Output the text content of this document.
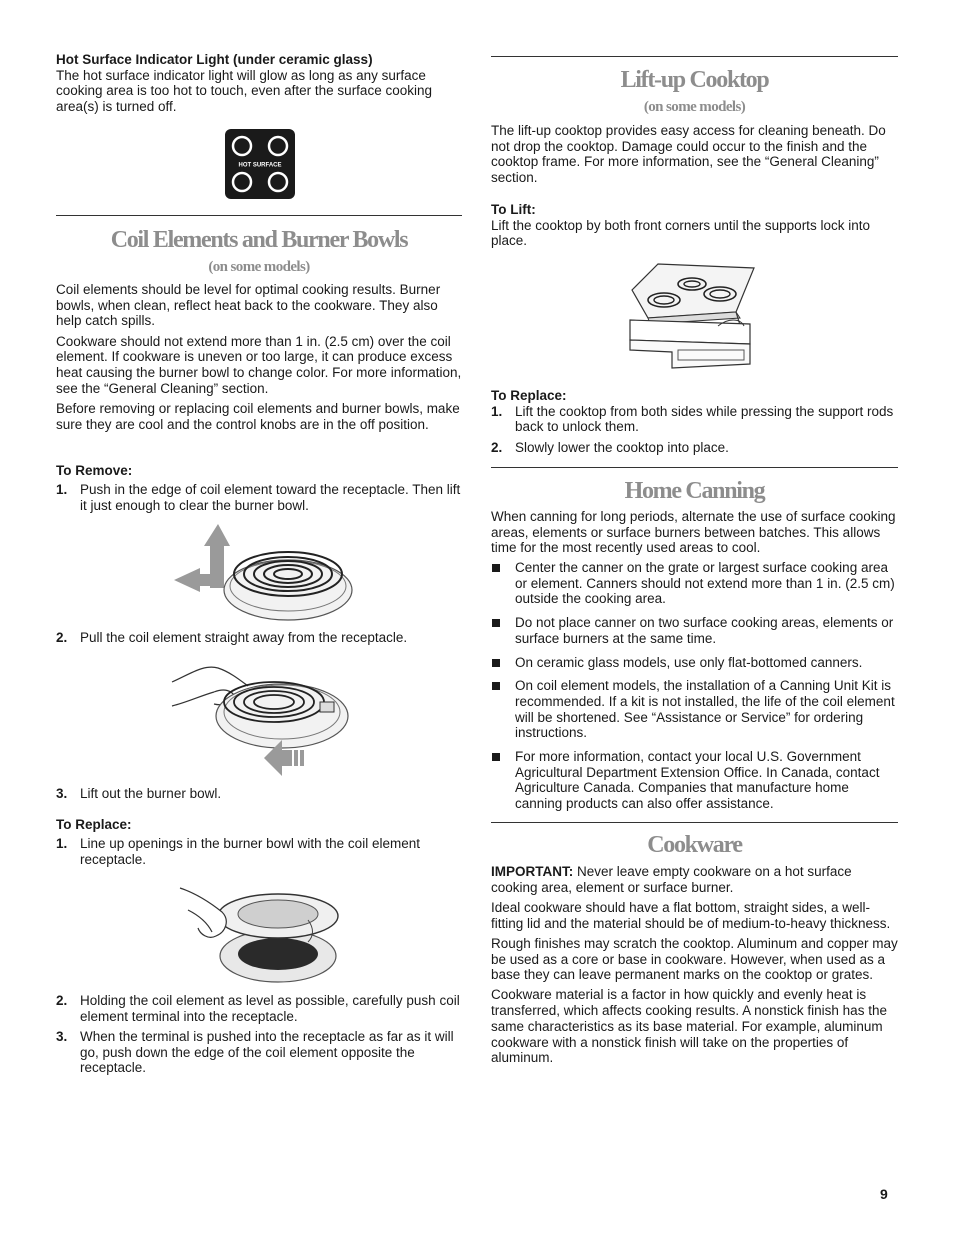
Hot Surface Indicator Light (under ceramic glass)

The hot surface indicator light will glow as long as any surface cooking area is too hot to touch, even after the surface cooking area(s) is turned off.

HOT SURFACE
Coil Elements and Burner Bowls
(on some models)

Coil elements should be level for optimal cooking results. Burner bowls, when clean, reflect heat back to the cookware. They also help catch spills.

Cookware should not extend more than 1 in. (2.5 cm) over the coil element. If cookware is uneven or too large, it can produce excess heat causing the burner bowl to change color. For more information, see the “General Cleaning” section.

Before removing or replacing coil elements and burner bowls, make sure they are cool and the control knobs are in the off position.

To Remove:

1. Push in the edge of coil element toward the receptacle. Then lift it just enough to clear the burner bowl.
2. Pull the coil element straight away from the receptacle.
3. Lift out the burner bowl.

To Replace:

1. Line up openings in the burner bowl with the coil element receptacle.
2. Holding the coil element as level as possible, carefully push coil element terminal into the receptacle.
3. When the terminal is pushed into the receptacle as far as it will go, push down the edge of the coil element opposite the receptacle.
Lift-up Cooktop
(on some models)

The lift-up cooktop provides easy access for cleaning beneath. Do not drop the cooktop. Damage could occur to the finish and the cooktop frame. For more information, see the “General Cleaning” section.

To Lift:

Lift the cooktop by both front corners until the supports lock into place.

To Replace:

1. Lift the cooktop from both sides while pressing the support rods back to unlock them.
2. Slowly lower the cooktop into place.
Home Canning

When canning for long periods, alternate the use of surface cooking areas, elements or surface burners between batches. This allows time for the most recently used areas to cool.

Center the canner on the grate or largest surface cooking area or element. Canners should not extend more than 1 in. (2.5 cm) outside the cooking area.
Do not place canner on two surface cooking areas, elements or surface burners at the same time.
On ceramic glass models, use only flat-bottomed canners.
On coil element models, the installation of a Canning Unit Kit is recommended. If a kit is not installed, the life of the coil element will be shortened. See “Assistance or Service” for ordering instructions.
For more information, contact your local U.S. Government Agricultural Department Extension Office. In Canada, contact Agriculture Canada. Companies that manufacture home canning products can also offer assistance.
Cookware

IMPORTANT: Never leave empty cookware on a hot surface cooking area, element or surface burner.

Ideal cookware should have a flat bottom, straight sides, a well-fitting lid and the material should be of medium-to-heavy thickness.

Rough finishes may scratch the cooktop. Aluminum and copper may be used as a core or base in cookware. However, when used as a base they can leave permanent marks on the cooktop or grates.

Cookware material is a factor in how quickly and evenly heat is transferred, which affects cooking results. A nonstick finish has the same characteristics as its base material. For example, aluminum cookware with a nonstick finish will take on the properties of aluminum.

9
